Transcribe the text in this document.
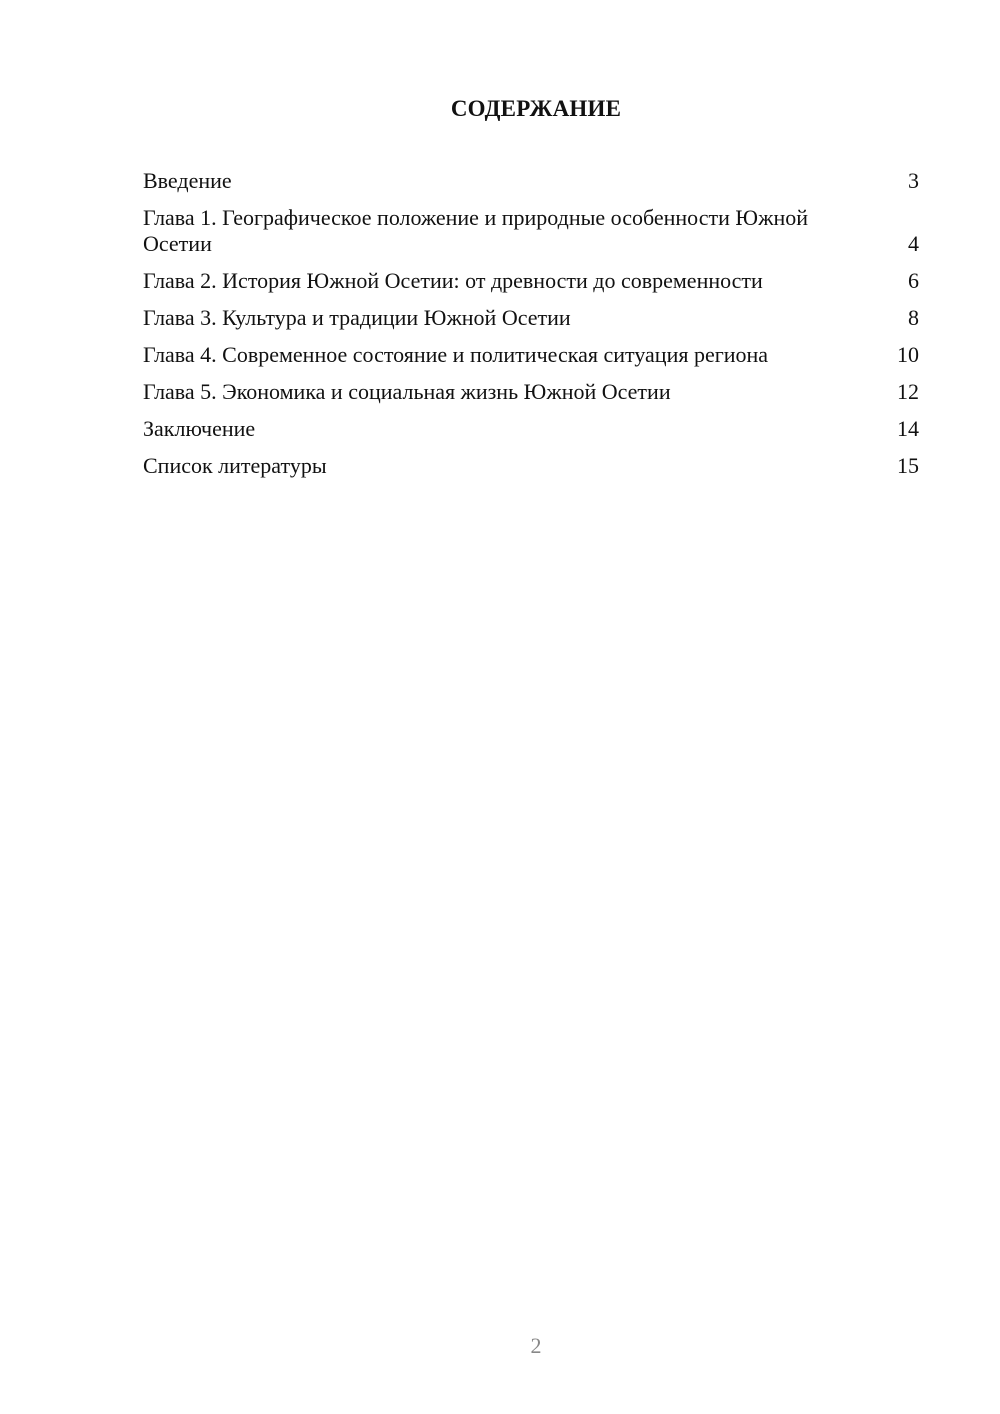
СОДЕРЖАНИЕ
Введение	3
Глава 1. Географическое положение и природные особенности Южной Осетии	4
Глава 2. История Южной Осетии: от древности до современности	6
Глава 3. Культура и традиции Южной Осетии	8
Глава 4. Современное состояние и политическая ситуация региона	10
Глава 5. Экономика и социальная жизнь Южной Осетии	12
Заключение	14
Список литературы	15
2
